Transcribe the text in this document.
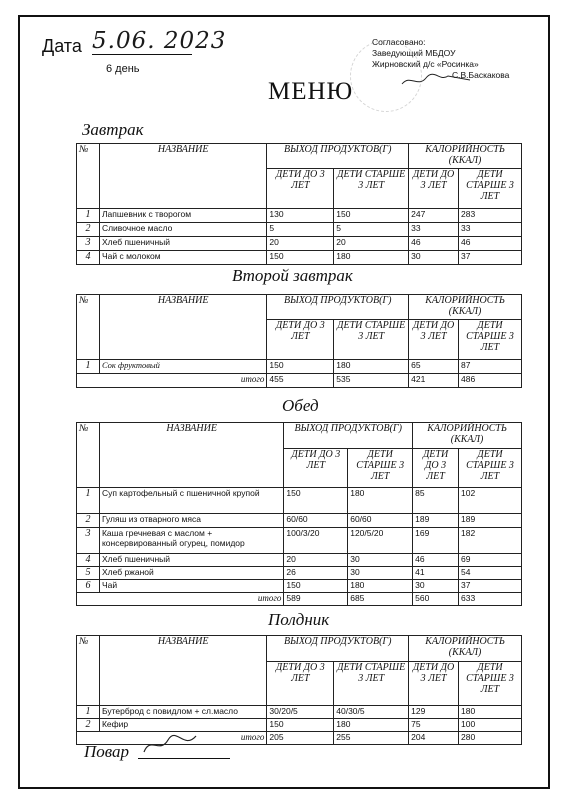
Дата 5.06. 2023
6 день
Согласовано:
Заведующий МБДОУ
Жирновский д/с «Росинка»
С.В.Баскакова
МЕНЮ
Завтрак
№	НАЗВАНИЕ	ВЫХОД ПРОДУКТОВ(Г)		КАЛОРИЙНОСТЬ (ККАЛ)	
		ДЕТИ ДО 3 ЛЕТ	ДЕТИ СТАРШЕ 3 ЛЕТ	ДЕТИ ДО 3 ЛЕТ	ДЕТИ СТАРШЕ 3 ЛЕТ
1	Лапшевник с творогом	130	150	247	283
2	Сливочное масло	5	5	33	33
3	Хлеб пшеничный	20	20	46	46
4	Чай с молоком	150	180	30	37
Второй завтрак
№	НАЗВАНИЕ	ВЫХОД ПРОДУКТОВ(Г)		КАЛОРИЙНОСТЬ (ККАЛ)	
		ДЕТИ ДО 3 ЛЕТ	ДЕТИ СТАРШЕ 3 ЛЕТ	ДЕТИ ДО 3 ЛЕТ	ДЕТИ СТАРШЕ 3 ЛЕТ
1	Сок фруктовый	150	180	65	87
итого		455	535	421	486
Обед
№	НАЗВАНИЕ	ВЫХОД ПРОДУКТОВ(Г)		КАЛОРИЙНОСТЬ (ККАЛ)	
		ДЕТИ ДО 3 ЛЕТ	ДЕТИ СТАРШЕ 3 ЛЕТ	ДЕТИ ДО 3 ЛЕТ	ДЕТИ СТАРШЕ 3 ЛЕТ
1	Суп картофельный с пшеничной крупой	150	180	85	102
2	Гуляш из отварного мяса	60/60	60/60	189	189
3	Каша гречневая с маслом + консервированный огурец, помидор	100/3/20	120/5/20	169	182
4	Хлеб пшеничный	20	30	46	69
5	Хлеб ржаной	26	30	41	54
6	Чай	150	180	30	37
итого		589	685	560	633
Полдник
№	НАЗВАНИЕ	ВЫХОД ПРОДУКТОВ(Г)		КАЛОРИЙНОСТЬ (ККАЛ)	
		ДЕТИ ДО 3 ЛЕТ	ДЕТИ СТАРШЕ 3 ЛЕТ	ДЕТИ ДО 3 ЛЕТ	ДЕТИ СТАРШЕ 3 ЛЕТ
1	Бутерброд с повидлом + сл.масло	30/20/5	40/30/5	129	180
2	Кефир	150	180	75	100
итого		205	255	204	280
Повар
